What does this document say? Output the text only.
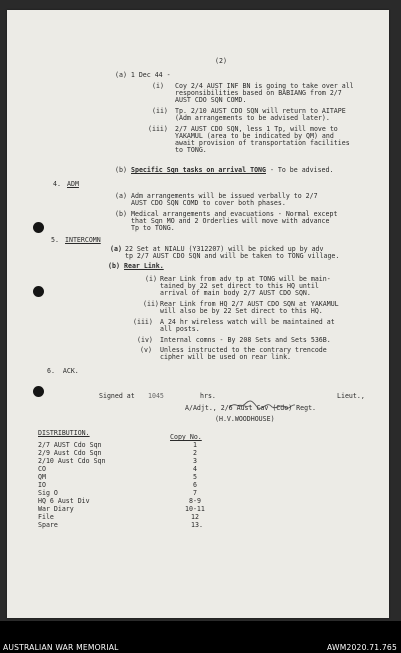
(2)
(a) 1 Dec 44 -
(i) Coy 2/4 AUST INF BN is going to take over all
responsibilities based on BABIANG from 2/7
AUST CDO SQN COMD.
(ii) Tp. 2/10 AUST CDO SQN will return to AITAPE
(Adm arrangements to be advised later).
(iii) 2/7 AUST CDO SQN, less 1 Tp, will move to
YAKAMUL (area to be indicated by QM) and
await provision of transportation facilities
to TONG.
(b) Specific Sqn tasks on arrival TONG - To be advised.
4. ADM
(a) Adm arrangements will be issued verbally to 2/7
AUST CDO SQN COMD to cover both phases.
(b) Medical arrangements and evacuations - Normal except
that Sqn MO and 2 Orderlies will move with advance
Tp to TONG.
5. INTERCOMN
(a) 22 Set at NIALU (Y312207) will be picked up by adv
tp 2/7 AUST CDO SQN and will be taken to TONG village.
(b) Rear Link.
(i) Rear Link from adv tp at TONG will be main-
tained by 22 set direct to this HQ until
arrival of main body 2/7 AUST CDO SQN.
(ii) Rear Link from HQ 2/7 AUST CDO SQN at YAKAMUL
will also be by 22 Set direct to this HQ.
(iii) A 24 hr wireless watch will be maintained at
all posts.
(iv) Internal comns - By 208 Sets and Sets 536B.
(v) Unless instructed to the contrary trencode
cipher will be used on rear link.
6.  ACK.
Signed at 1045	hrs.	Lieut.,
A/Adjt., 2/6 Aust Cav (Cdo) Regt.
(H.V.WOODHOUSE)
DISTRIBUTION.	Copy No.
2/7 AUST Cdo Sqn	1
2/9 Aust Cdo Sqn	2
2/10 Aust Cdo Sqn	3
CO	4
QM	5
IO	6
Sig O	7
HQ 6 Aust Div	8-9
War Diary	10-11
File	12
Spare	13.
AUSTRALIAN WAR MEMORIAL	AWM2020.71.765
